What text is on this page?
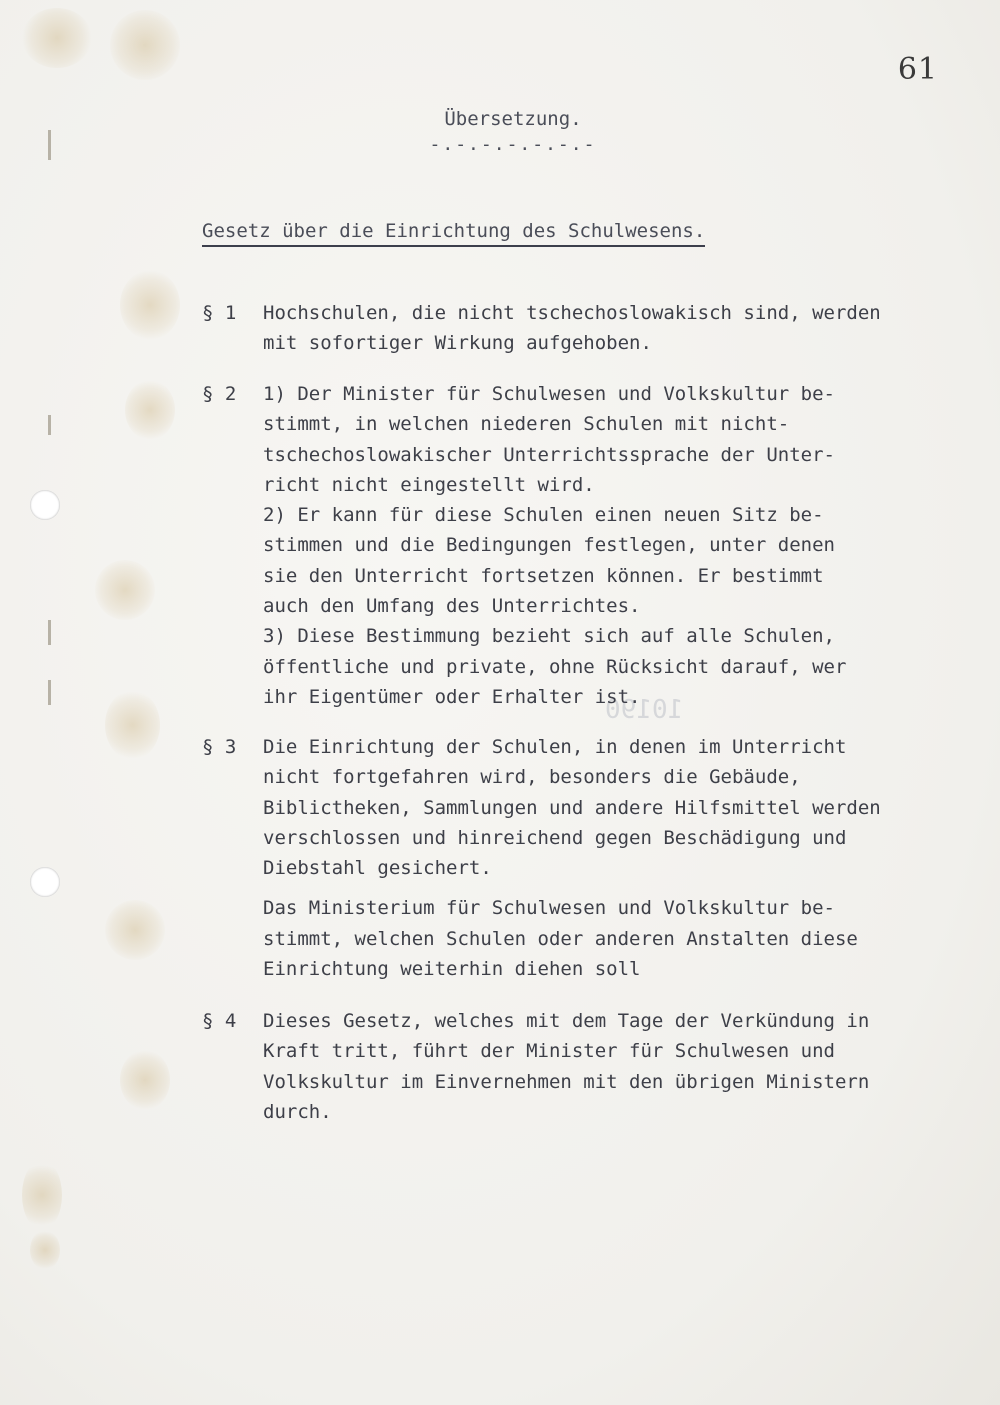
61
Übersetzung.
-.-.-.-.-.-.-
Gesetz über die Einrichtung des Schulwesens.
10190
§ 1	Hochschulen, die nicht tschechoslowakisch sind, werden
mit sofortiger Wirkung aufgehoben.
§ 2	1) Der Minister für Schulwesen und Volkskultur be-
stimmt, in welchen niederen Schulen mit nicht-
tschechoslowakischer Unterrichtssprache der Unter-
richt nicht eingestellt wird.
2) Er kann für diese Schulen einen neuen Sitz be-
stimmen und die Bedingungen festlegen, unter denen
sie den Unterricht fortsetzen können. Er bestimmt
auch den Umfang des Unterrichtes.
3) Diese Bestimmung bezieht sich auf alle Schulen,
öffentliche und private, ohne Rücksicht darauf, wer
ihr Eigentümer oder Erhalter ist.
§ 3	Die Einrichtung der Schulen, in denen im Unterricht
nicht fortgefahren wird, besonders die Gebäude,
Biblictheken, Sammlungen und andere Hilfsmittel werden
verschlossen und hinreichend gegen Beschädigung und
Diebstahl gesichert.
Das Ministerium für Schulwesen und Volkskultur be-
stimmt, welchen Schulen oder anderen Anstalten diese
Einrichtung weiterhin diehen soll
§ 4	Dieses Gesetz, welches mit dem Tage der Verkündung in
Kraft tritt, führt der Minister für Schulwesen und
Volkskultur im Einvernehmen mit den übrigen Ministern
durch.
